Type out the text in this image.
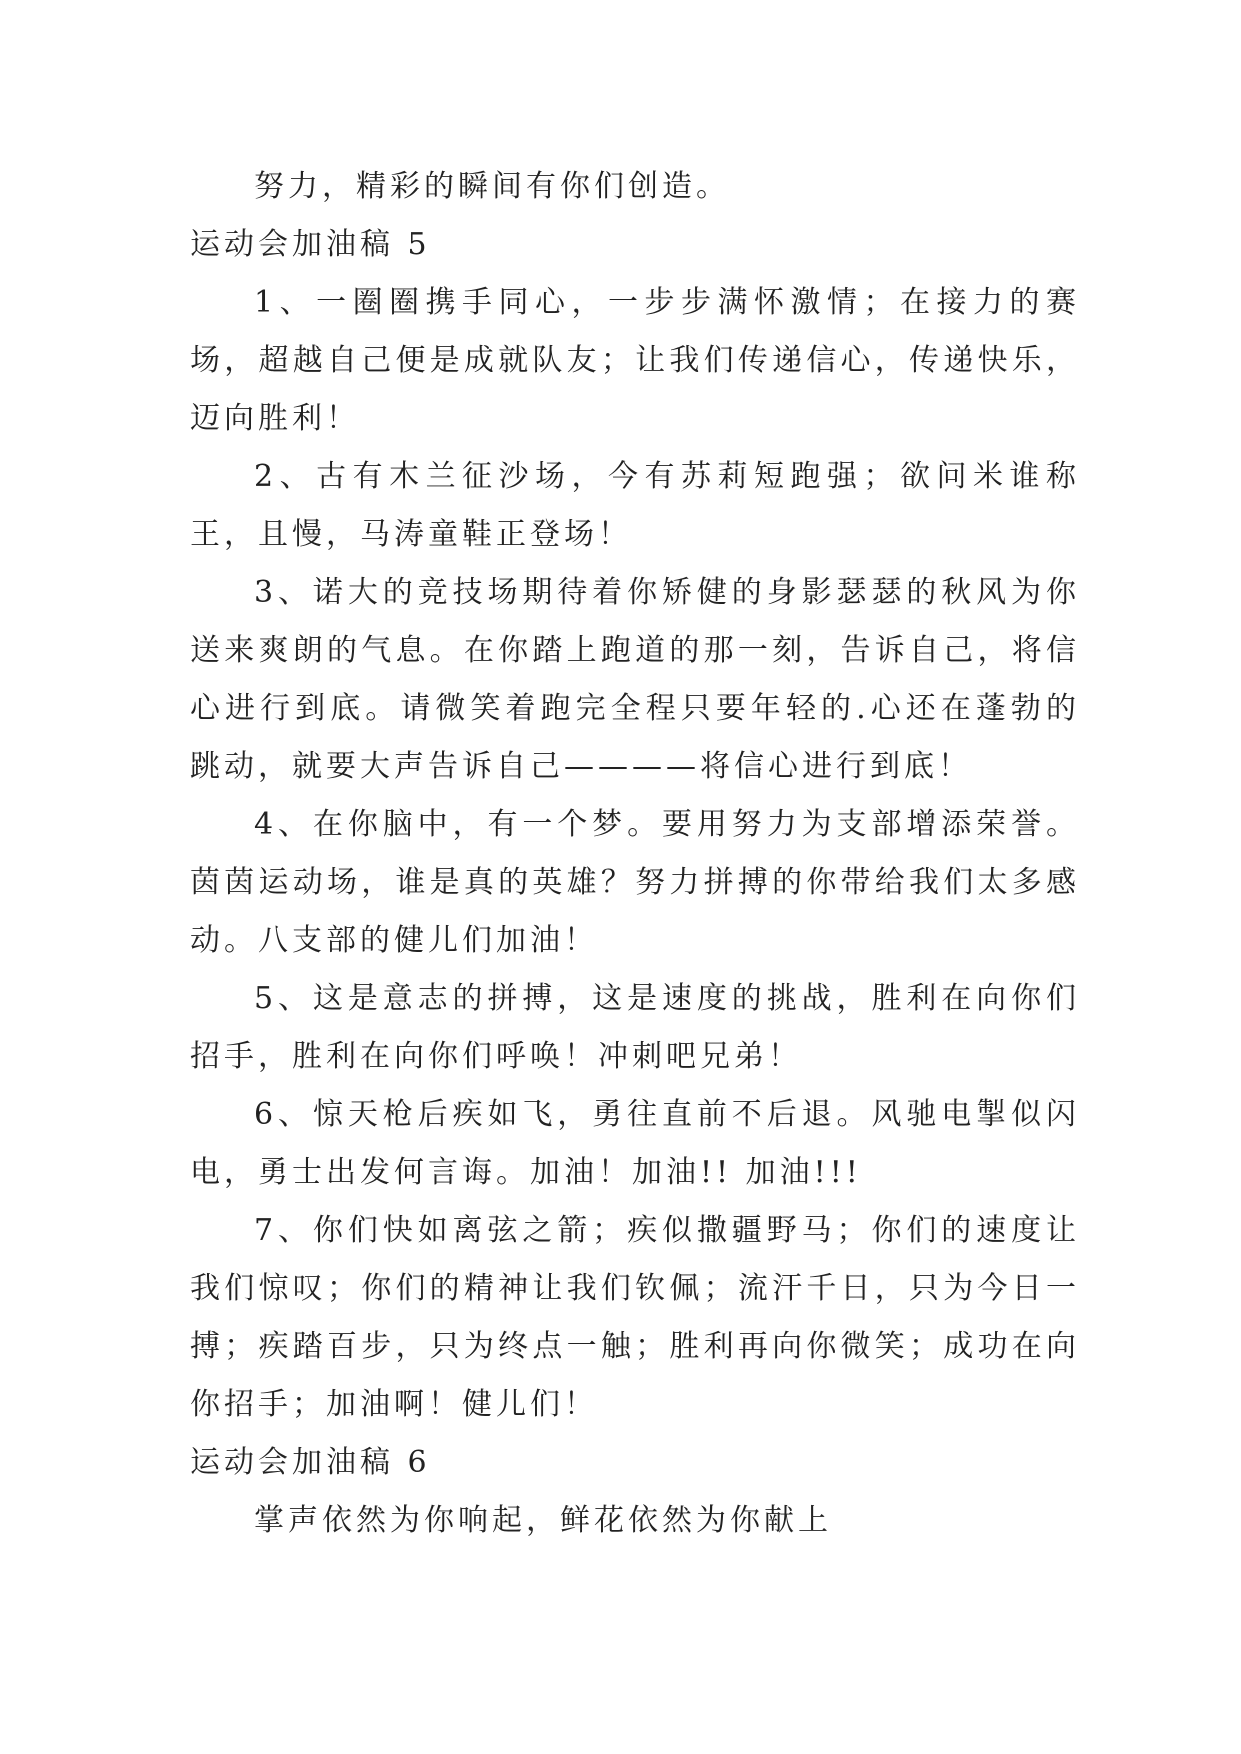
努力，精彩的瞬间有你们创造。

运动会加油稿 5

1、一圈圈携手同心，一步步满怀激情；在接力的赛场，超越自己便是成就队友；让我们传递信心，传递快乐，迈向胜利！

2、古有木兰征沙场，今有苏莉短跑强；欲问米谁称王，且慢，马涛童鞋正登场！

3、诺大的竞技场期待着你矫健的身影瑟瑟的秋风为你送来爽朗的气息。在你踏上跑道的那一刻，告诉自己，将信心进行到底。请微笑着跑完全程只要年轻的.心还在蓬勃的跳动，就要大声告诉自己————将信心进行到底！

4、在你脑中，有一个梦。要用努力为支部增添荣誉。茵茵运动场，谁是真的英雄？努力拼搏的你带给我们太多感动。八支部的健儿们加油！

5、这是意志的拼搏，这是速度的挑战，胜利在向你们招手，胜利在向你们呼唤！冲刺吧兄弟！

6、惊天枪后疾如飞，勇往直前不后退。风驰电掣似闪电，勇士出发何言诲。加油！加油!! 加油!!!

7、你们快如离弦之箭；疾似撒疆野马；你们的速度让我们惊叹；你们的精神让我们钦佩；流汗千日，只为今日一搏；疾踏百步，只为终点一触；胜利再向你微笑；成功在向你招手；加油啊！健儿们！

运动会加油稿 6

掌声依然为你响起，鲜花依然为你献上
